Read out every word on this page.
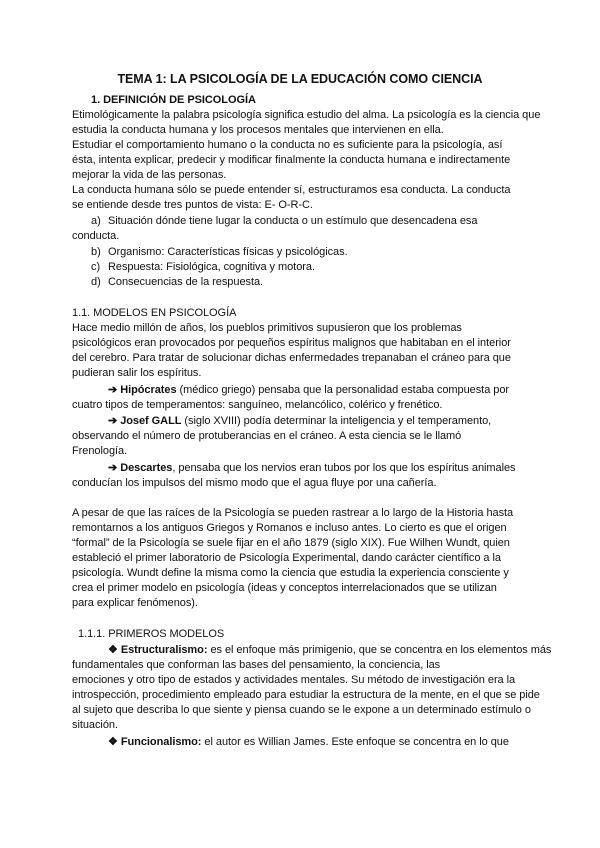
TEMA 1: LA PSICOLOGÍA DE LA EDUCACIÓN COMO CIENCIA
1. DEFINICIÓN DE PSICOLOGÍA
Etimológicamente la palabra psicología significa estudio del alma. La psicología es la ciencia que
estudia la conducta humana y los procesos mentales que intervienen en ella.
Estudiar el comportamiento humano o la conducta no es suficiente para la psicología, así
ésta, intenta explicar, predecir y modificar finalmente la conducta humana e indirectamente
mejorar la vida de las personas.
La conducta humana sólo se puede entender sí, estructuramos esa conducta. La conducta
se entiende desde tres puntos de vista: E- O-R-C.
a) Situación dónde tiene lugar la conducta o un estímulo que desencadena esa
conducta.
b) Organismo: Características físicas y psicológicas.
c) Respuesta: Fisiológica, cognitiva y motora.
d) Consecuencias de la respuesta.
1.1. MODELOS EN PSICOLOGÍA
Hace medio millón de años, los pueblos primitivos supusieron que los problemas
psicológicos eran provocados por pequeños espíritus malignos que habitaban en el interior
del cerebro. Para tratar de solucionar dichas enfermedades trepanaban el cráneo para que
pudieran salir los espíritus.
➔ Hipócrates (médico griego) pensaba que la personalidad estaba compuesta por
cuatro tipos de temperamentos: sanguíneo, melancólico, colérico y frenético.
➔ Josef GALL (siglo XVIII) podía determinar la inteligencia y el temperamento,
observando el número de protuberancias en el cráneo. A esta ciencia se le llamó
Frenología.
➔ Descartes, pensaba que los nervios eran tubos por los que los espíritus animales
conducían los impulsos del mismo modo que el agua fluye por una cañería.
A pesar de que las raíces de la Psicología se pueden rastrear a lo largo de la Historia hasta
remontarnos a los antiguos Griegos y Romanos e incluso antes. Lo cierto es que el origen
“formal” de la Psicología se suele fijar en el año 1879 (siglo XIX). Fue Wilhen Wundt, quien
estableció el primer laboratorio de Psicología Experimental, dando carácter científico a la
psicología. Wundt define la misma como la ciencia que estudia la experiencia consciente y
crea el primer modelo en psicología (ideas y conceptos interrelacionados que se utilizan
para explicar fenómenos).
1.1.1. PRIMEROS MODELOS
❖ Estructuralismo: es el enfoque más primigenio, que se concentra en los elementos más
fundamentales que conforman las bases del pensamiento, la conciencia, las
emociones y otro tipo de estados y actividades mentales. Su método de investigación era la
introspección, procedimiento empleado para estudiar la estructura de la mente, en el que se pide
al sujeto que describa lo que siente y piensa cuando se le expone a un determinado estímulo o
situación.
❖ Funcionalismo: el autor es Willian James. Este enfoque se concentra en lo que
